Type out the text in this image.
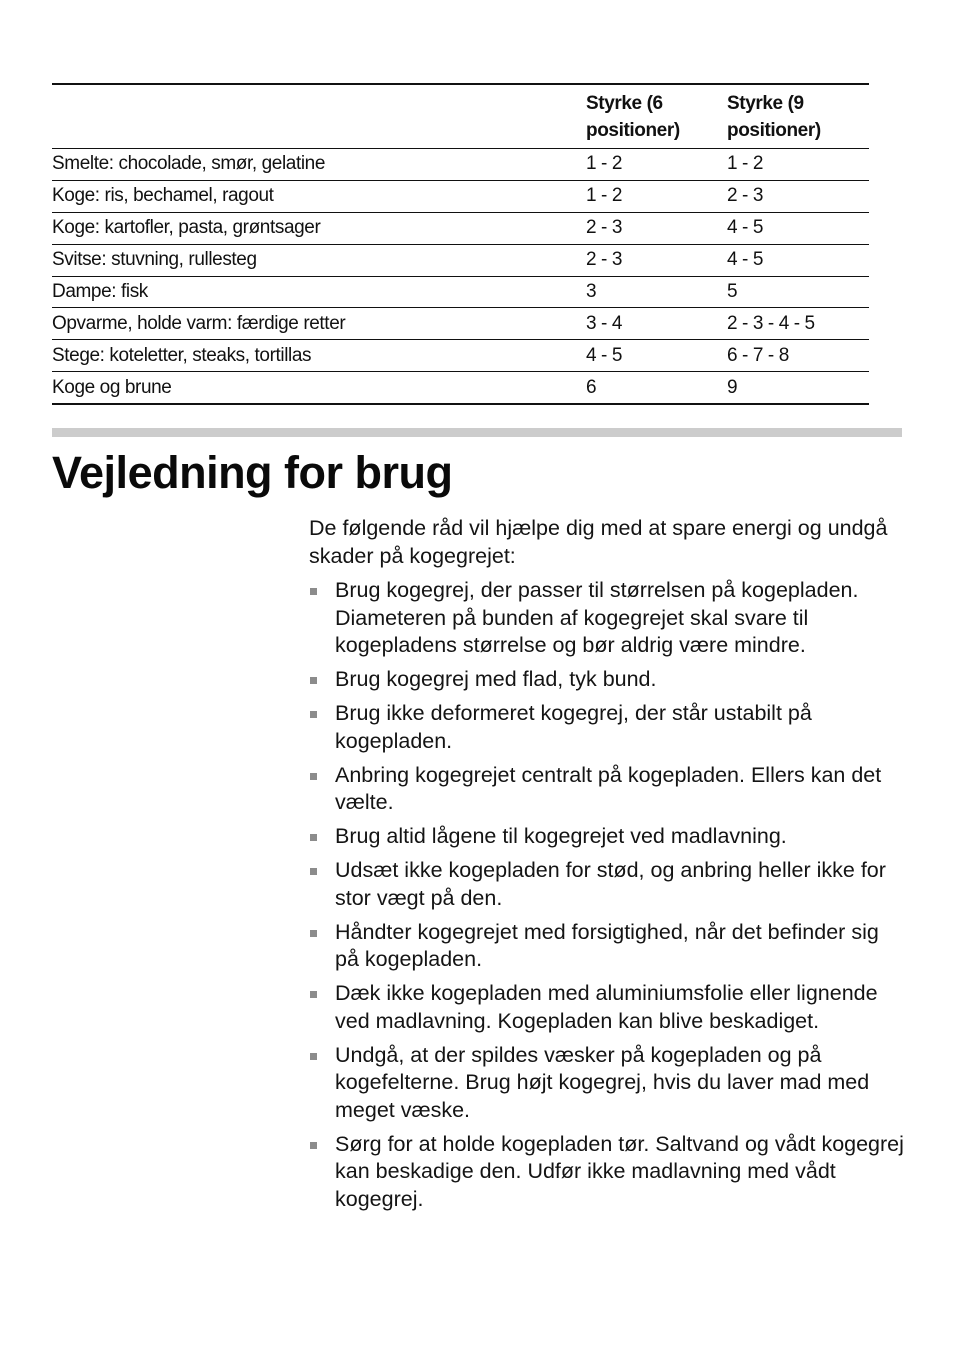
	Styrke (6 positioner)	Styrke (9 positioner)
Smelte: chocolade, smør, gelatine	1 - 2	1 - 2
Koge: ris, bechamel, ragout	1 - 2	2 - 3
Koge: kartofler, pasta, grøntsager	2 - 3	4 - 5
Svitse: stuvning, rullesteg	2 - 3	4 - 5
Dampe: fisk	3	5
Opvarme, holde varm: færdige retter	3 - 4	2 - 3 - 4 - 5
Stege: koteletter, steaks, tortillas	4 - 5	6 - 7 - 8
Koge og brune	6	9
Vejledning for brug

De følgende råd vil hjælpe dig med at spare energi og undgå skader på kogegrejet:

Brug kogegrej, der passer til størrelsen på kogepladen. Diameteren på bunden af kogegrejet skal svare til kogepladens størrelse og bør aldrig være mindre.
Brug kogegrej med flad, tyk bund.
Brug ikke deformeret kogegrej, der står ustabilt på kogepladen.
Anbring kogegrejet centralt på kogepladen. Ellers kan det vælte.
Brug altid lågene til kogegrejet ved madlavning.
Udsæt ikke kogepladen for stød, og anbring heller ikke for stor vægt på den.
Håndter kogegrejet med forsigtighed, når det befinder sig på kogepladen.
Dæk ikke kogepladen med aluminiumsfolie eller lignende ved madlavning. Kogepladen kan blive beskadiget.
Undgå, at der spildes væsker på kogepladen og på kogefelterne. Brug højt kogegrej, hvis du laver mad med meget væske.
Sørg for at holde kogepladen tør. Saltvand og vådt kogegrej kan beskadige den. Udfør ikke madlavning med vådt kogegrej.
